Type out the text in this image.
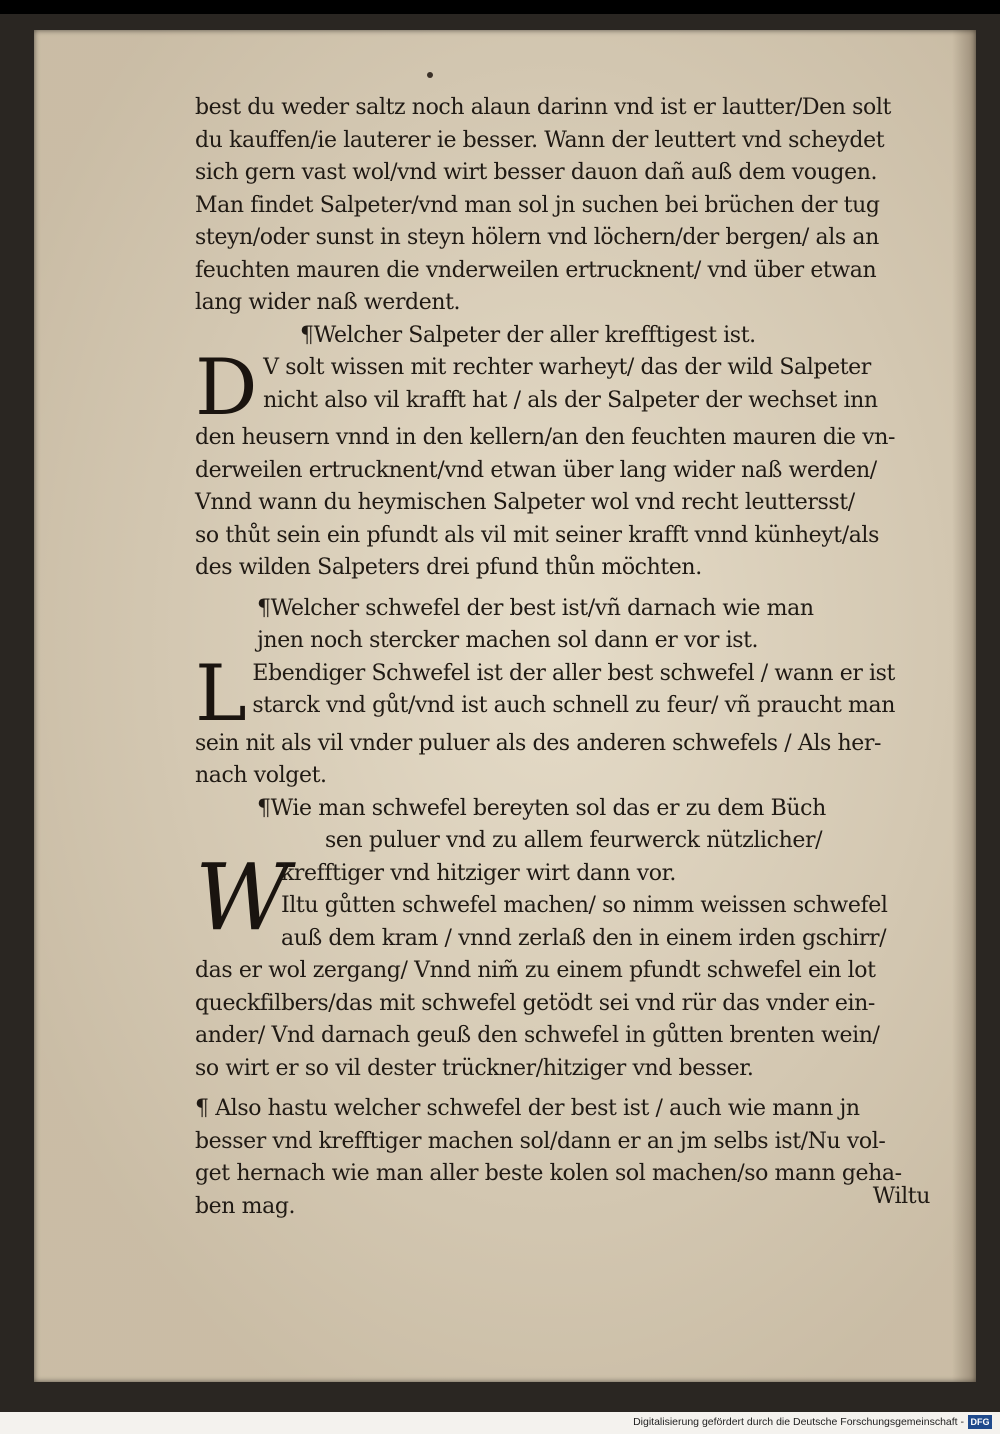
best du weder saltz noch alaun darinn vnd ist er lautter/Den solt
du kauffen/ie lauterer ie besser. Wann der leuttert vnd scheydet
sich gern vast wol/vnd wirt besser dauon dañ auß dem vougen.
Man findet Salpeter/vnd man sol jn suchen bei brüchen der tug
steyn/oder sunst in steyn hölern vnd löchern/der bergen/ als an
feuchten mauren die vnderweilen ertrucknent/ vnd über etwan
lang wider naß werdent.
¶Welcher Salpeter der aller krefftigest ist.
D V solt wissen mit rechter warheyt/ das der wild Salpeter
nicht also vil krafft hat / als der Salpeter der wechset inn
den heusern vnnd in den kellern/an den feuchten mauren die vn-
derweilen ertrucknent/vnd etwan über lang wider naß werden/
Vnnd wann du heymischen Salpeter wol vnd recht leuttersst/
so thůt sein ein pfundt als vil mit seiner krafft vnnd künheyt/als
des wilden Salpeters drei pfund thůn möchten.
¶Welcher schwefel der best ist/vñ darnach wie man
jnen noch stercker machen sol dann er vor ist.
L Ebendiger Schwefel ist der aller best schwefel / wann er ist
starck vnd gůt/vnd ist auch schnell zu feur/ vñ praucht man
sein nit als vil vnder puluer als des anderen schwefels / Als her-
nach volget.
¶Wie man schwefel bereyten sol das er zu dem Büch
sen puluer vnd zu allem feurwerck nützlicher/
W
krefftiger vnd hitziger wirt dann vor.
Iltu gůtten schwefel machen/ so nimm weissen schwefel
auß dem kram / vnnd zerlaß den in einem irden gschirr/
das er wol zergang/ Vnnd nim̃ zu einem pfundt schwefel ein lot
queckfilbers/das mit schwefel getödt sei vnd rür das vnder ein-
ander/ Vnd darnach geuß den schwefel in gůtten brenten wein/
so wirt er so vil dester trückner/hitziger vnd besser.
¶ Also hastu welcher schwefel der best ist / auch wie mann jn
besser vnd krefftiger machen sol/dann er an jm selbs ist/Nu vol-
get hernach wie man aller beste kolen sol machen/so mann geha-
ben mag.	Wiltu
Digitalisierung gefördert durch die Deutsche Forschungsgemeinschaft - DFG
